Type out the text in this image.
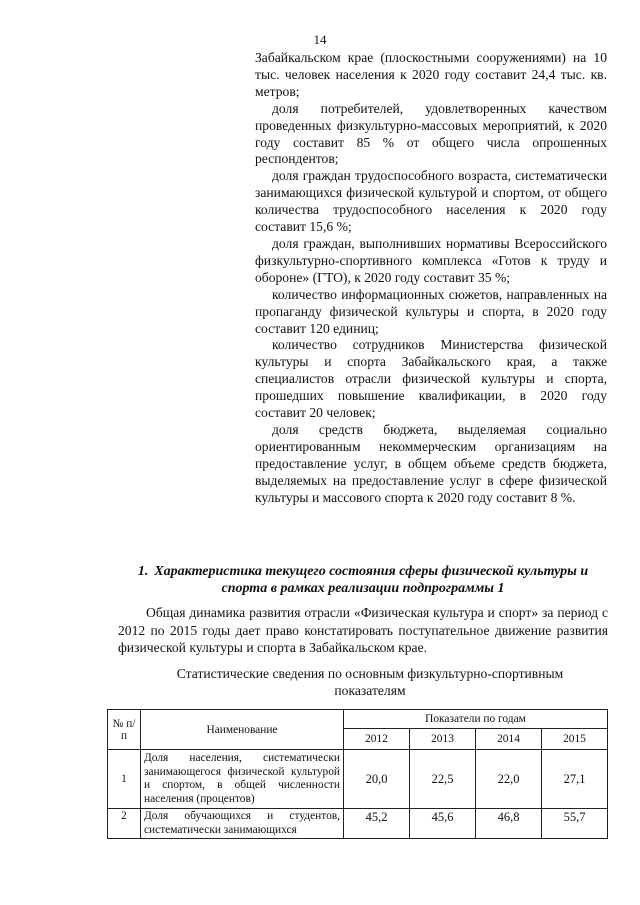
14

Забайкальском крае (плоскостными сооружениями) на 10 тыс. человек населения к 2020 году составит 24,4 тыс. кв. метров;

доля потребителей, удовлетворенных качеством проведенных физкультурно-массовых мероприятий, к 2020 году составит 85 % от общего числа опрошенных респондентов;

доля граждан трудоспособного возраста, систематически занимающихся физической культурой и спортом, от общего количества трудоспособного населения к 2020 году составит 15,6 %;

доля граждан, выполнивших нормативы Всероссийского физкультурно-спортивного комплекса «Готов к труду и обороне» (ГТО), к 2020 году составит 35 %;

количество информационных сюжетов, направленных на пропаганду физической культуры и спорта, в 2020 году составит 120 единиц;

количество сотрудников Министерства физической культуры и спорта Забайкальского края, а также специалистов отрасли физической культуры и спорта, прошедших повышение квалификации, в 2020 году составит 20 человек;

доля средств бюджета, выделяемая социально ориентированным некоммерческим организациям на предоставление услуг, в общем объеме средств бюджета, выделяемых на предоставление услуг в сфере физической культуры и массового спорта к 2020 году составит 8 %.

1. Характеристика текущего состояния сферы физической культуры и спорта в рамках реализации подпрограммы 1

Общая динамика развития отрасли «Физическая культура и спорт» за период с 2012 по 2015 годы дает право констатировать поступательное движение развития физической культуры и спорта в Забайкальском крае.

Статистические сведения по основным физкультурно-спортивным показателям
№ п/п	Наименование	Показатели по годам			
		2012	2013	2014	2015
1	Доля населения, систематически занимающегося физической культурой и спортом, в общей численности населения (процентов)	20,0	22,5	22,0	27,1
2	Доля обучающихся и студентов, систематически занимающихся	45,2	45,6	46,8	55,7
